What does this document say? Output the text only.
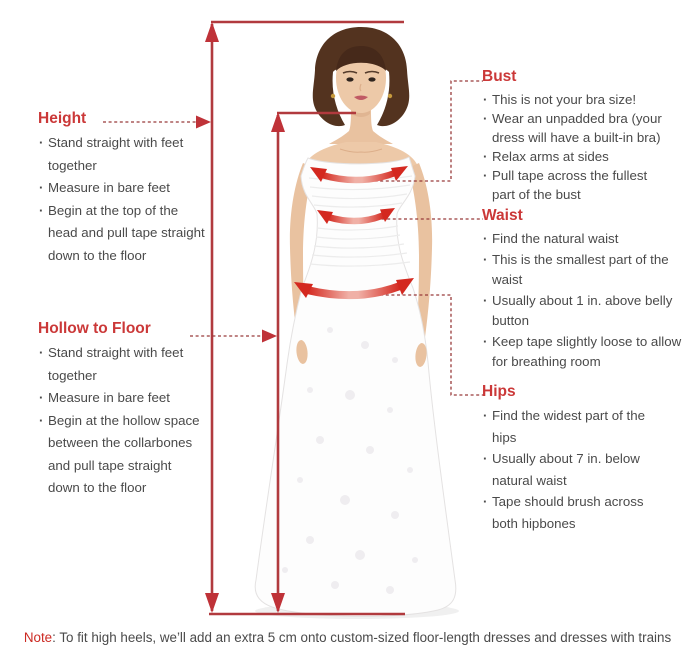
Height
· Stand straight with feet together
· Measure in bare feet
· Begin at the top of the head and pull tape straight down to the floor
Hollow to Floor
· Stand straight with feet together
· Measure in bare feet
· Begin at the hollow space between the collarbones and pull tape straight down to the floor
Bust
· This is not your bra size!
· Wear an unpadded bra (your dress will have a built-in bra)
· Relax arms at sides
· Pull tape across the fullest part of the bust
Waist
· Find the natural waist
· This is the smallest part of the waist
· Usually about 1 in. above belly button
· Keep tape slightly loose to allow for breathing room
Hips
· Find the widest part of the hips
· Usually about 7 in. below natural waist
· Tape should brush across both hipbones

Note: To fit high heels, we’ll add an extra 5 cm onto custom-sized floor-length dresses and dresses with trains
